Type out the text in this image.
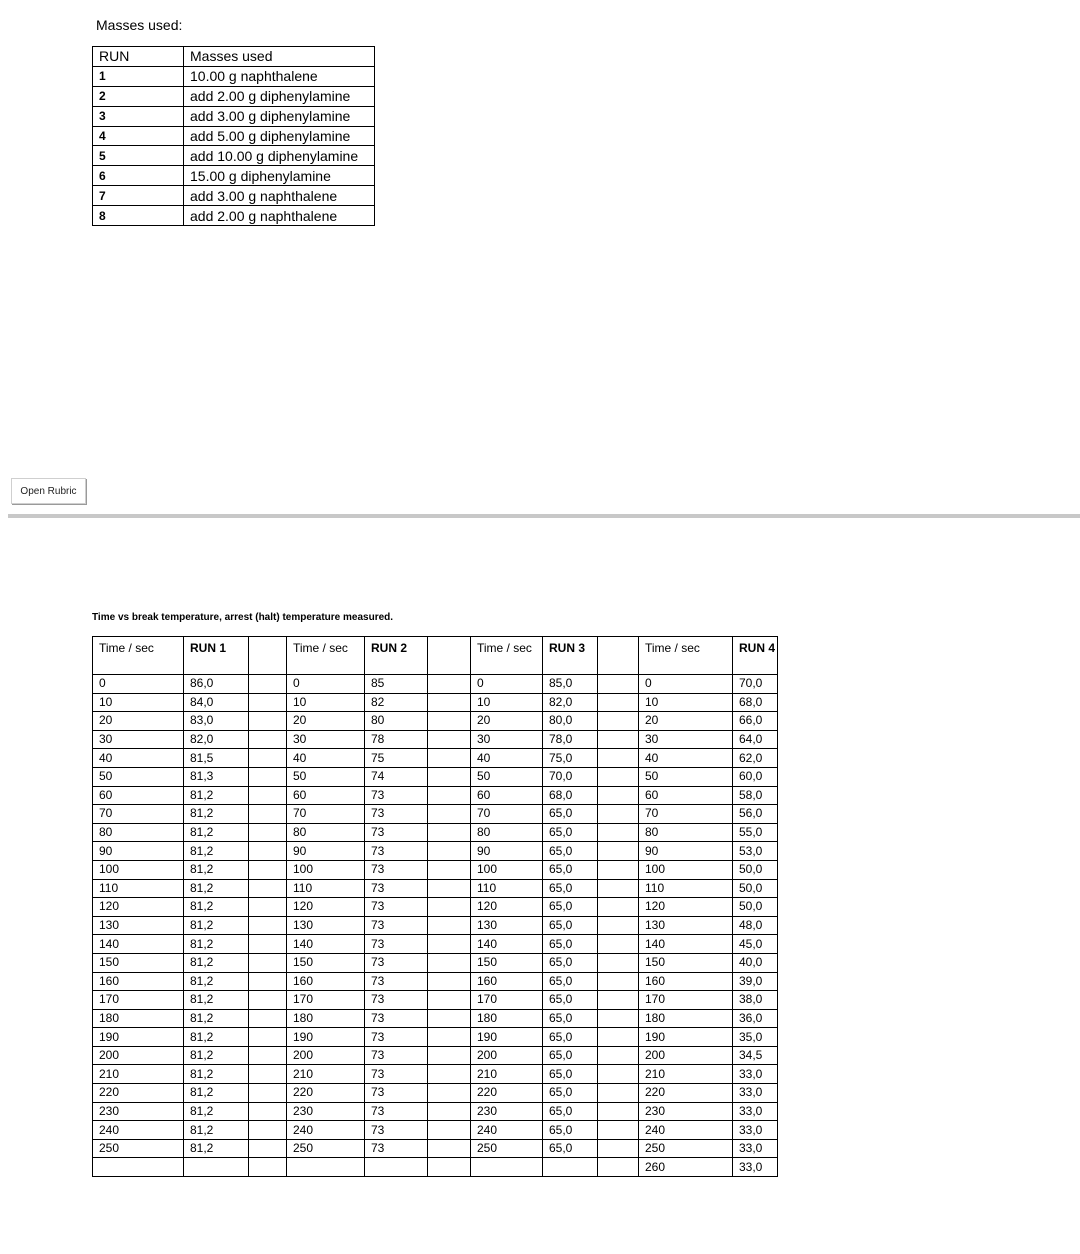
Masses used:
RUN	Masses used
1	10.00 g naphthalene
2	add 2.00 g diphenylamine
3	add 3.00 g diphenylamine
4	add 5.00 g diphenylamine
5	add 10.00 g diphenylamine
6	15.00 g diphenylamine
7	add 3.00 g naphthalene
8	add 2.00 g naphthalene
Open Rubric
Time vs break temperature, arrest (halt) temperature measured.
Time / sec	RUN 1		Time / sec	RUN 2		Time / sec	RUN 3		Time / sec	RUN 4
0	86,0		0	85		0	85,0		0	70,0
10	84,0		10	82		10	82,0		10	68,0
20	83,0		20	80		20	80,0		20	66,0
30	82,0		30	78		30	78,0		30	64,0
40	81,5		40	75		40	75,0		40	62,0
50	81,3		50	74		50	70,0		50	60,0
60	81,2		60	73		60	68,0		60	58,0
70	81,2		70	73		70	65,0		70	56,0
80	81,2		80	73		80	65,0		80	55,0
90	81,2		90	73		90	65,0		90	53,0
100	81,2		100	73		100	65,0		100	50,0
110	81,2		110	73		110	65,0		110	50,0
120	81,2		120	73		120	65,0		120	50,0
130	81,2		130	73		130	65,0		130	48,0
140	81,2		140	73		140	65,0		140	45,0
150	81,2		150	73		150	65,0		150	40,0
160	81,2		160	73		160	65,0		160	39,0
170	81,2		170	73		170	65,0		170	38,0
180	81,2		180	73		180	65,0		180	36,0
190	81,2		190	73		190	65,0		190	35,0
200	81,2		200	73		200	65,0		200	34,5
210	81,2		210	73		210	65,0		210	33,0
220	81,2		220	73		220	65,0		220	33,0
230	81,2		230	73		230	65,0		230	33,0
240	81,2		240	73		240	65,0		240	33,0
250	81,2		250	73		250	65,0		250	33,0
									260	33,0
